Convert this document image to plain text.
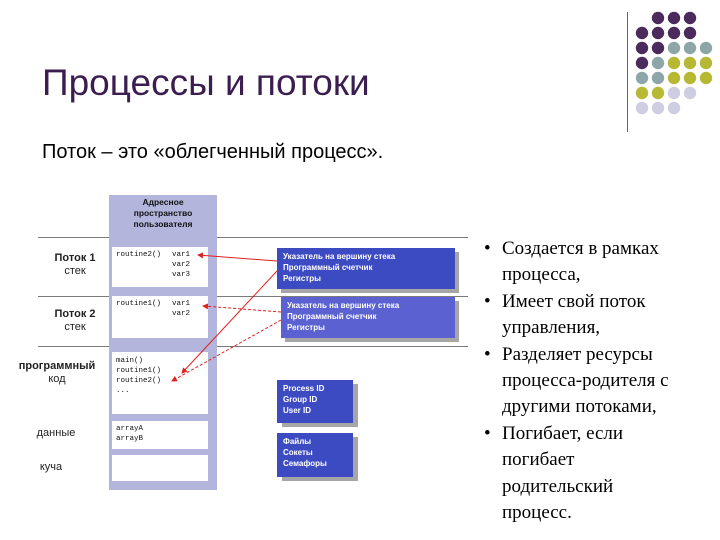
Процессы и потоки
Поток – это «облегченный процесс».
Адресное
пространство
пользователя
routine2()	var1
var2
var3
routine1()	var1
var2
main()
routine1()
routine2()
...
arrayA
arrayB
Поток 1
стек
Поток 2
стек
программный
код
данные
куча
Указатель на вершину стека
Программный счетчик
Регистры
Указатель на вершину стека
Программный счетчик
Регистры
Process ID
Group ID
User ID
Файлы
Сокеты
Семафоры
• Создается в рамках
процесса,
• Имеет свой поток
управления,
• Разделяет ресурсы
процесса-родителя с
другими потоками,
• Погибает, если
погибает
родительский
процесс.
